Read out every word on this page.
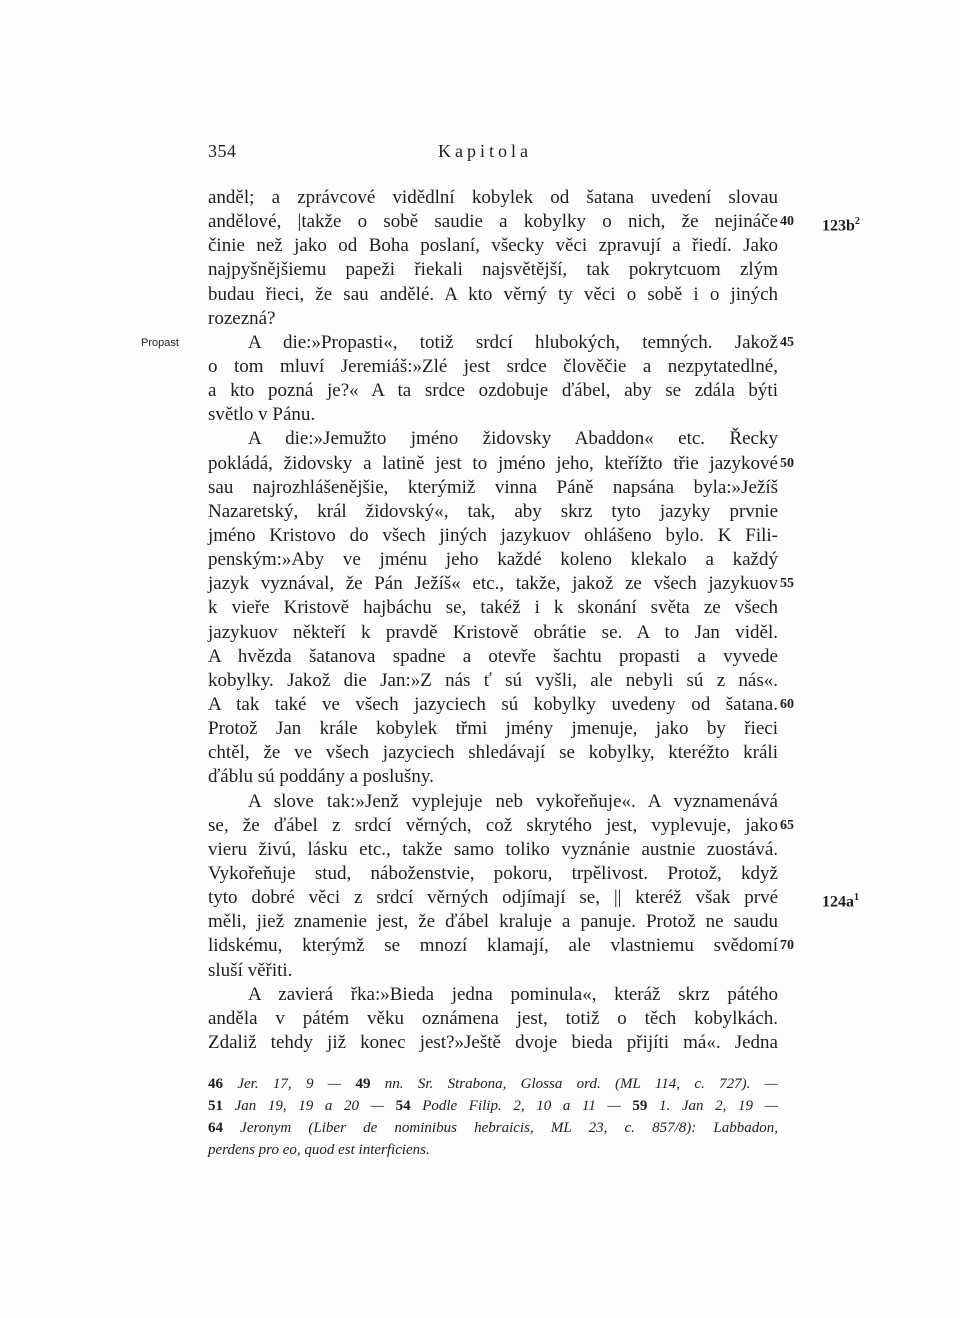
354	Kapitola
anděl; a zprávcové vidědlní kobylek od šatana uvedení slovau
andělové, |takže o sobě saudie a kobylky o nich, že nejináče 40 $123b^2$
činie než jako od Boha poslaní, všecky věci zpravují a řiedí. Jako
najpyšnějšiemu papeži řiekali najsvětější, tak pokrytcuom zlým
budau řieci, že sau andělé. A kto věrný ty věci o sobě i o jiných
rozezná?
A die:»Propasti«, totiž srdcí hlubokých, temných. Jakož 45
Propast
o tom mluví Jeremiáš:»Zlé jest srdce člověčie a nezpytatedlné,
a kto pozná je?« A ta srdce ozdobuje ďábel, aby se zdála býti
světlo v Pánu.
A die:»Jemužto jméno židovsky Abaddon« etc. Řecky
pokládá, židovsky a latině jest to jméno jeho, kteřížto třie jazykové 50
sau najrozhlášenějšie, kterýmiž vinna Páně napsána byla:»Ježíš
Nazaretský, král židovský«, tak, aby skrz tyto jazyky prvnie
jméno Kristovo do všech jiných jazykuov ohlášeno bylo. K Fili-
penským:»Aby ve jménu jeho každé koleno klekalo a každý
jazyk vyznával, že Pán Ježíš« etc., takže, jakož ze všech jazykuov 55
k vieře Kristově hajbáchu se, takéž i k skonání světa ze všech
jazykuov někteří k pravdě Kristově obrátie se. A to Jan viděl.
A hvězda šatanova spadne a otevře šachtu propasti a vyvede
kobylky. Jakož die Jan:»Z nás ť sú vyšli, ale nebyli sú z nás«.
A tak také ve všech jazyciech sú kobylky uvedeny od šatana. 60
Protož Jan krále kobylek třmi jmény jmenuje, jako by řieci
chtěl, že ve všech jazyciech shledávají se kobylky, kteréžto králi
ďáblu sú poddány a poslušny.
A slove tak:»Jenž vyplejuje neb vykořeňuje«. A vyznamenává
se, že ďábel z srdcí věrných, což skrytého jest, vyplevuje, jako 65
vieru živú, lásku etc., takže samo toliko vyznánie austnie zuostává.
Vykořeňuje stud, náboženstvie, pokoru, trpělivost. Protož, když
tyto dobré věci z srdcí věrných odjímají se, || kteréž však prvé	$124a^1$
měli, jiež znamenie jest, že ďábel kraluje a panuje. Protož ne saudu
lidskému, kterýmž se mnozí klamají, ale vlastniemu svědomí 70
sluší věřiti.
A zavierá řka:»Bieda jedna pominula«, kteráž skrz pátého
anděla v pátém věku oznámena jest, totiž o těch kobylkách.
Zdaliž tehdy již konec jest?»Ještě dvoje bieda přijíti má«. Jedna
46 Jer. 17, 9 — 49 nn. Sr. Strabona, Glossa ord. (ML 114, c. 727). —
51 Jan 19, 19 a 20 — 54 Podle Filip. 2, 10 a 11 — 59 1. Jan 2, 19 —
64 Jeronym (Liber de nominibus hebraicis, ML 23, c. 857/8): Labbadon,
perdens pro eo, quod est interficiens.
